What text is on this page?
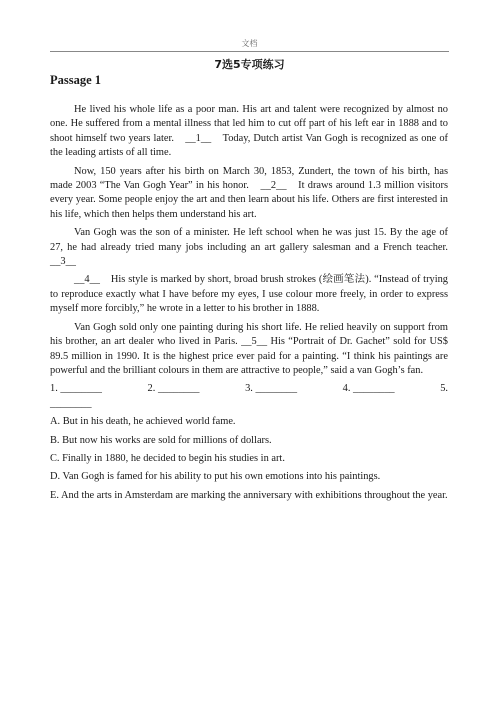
文档
7选5专项练习
Passage 1

He lived his whole life as a poor man. His art and talent were recognized by almost no one. He suffered from a mental illness that led him to cut off part of his left ear in 1888 and to shoot himself two years later.　__1__　Today, Dutch artist Van Gogh is recognized as one of the leading artists of all time.

Now, 150 years after his birth on March 30, 1853, Zundert, the town of his birth, has made 2003 “The Van Gogh Year” in his honor.　__2__　It draws around 1.3 million visitors every year. Some people enjoy the art and then learn about his life. Others are first interested in his life, which then helps them understand his art.

Van Gogh was the son of a minister. He left school when he was just 15. By the age of 27, he had already tried many jobs including an art gallery salesman and a French teacher.　__3__

__4__　His style is marked by short, broad brush strokes (绘画笔法). “Instead of trying to reproduce exactly what I have before my eyes, I use colour more freely, in order to express myself more forcibly,” he wrote in a letter to his brother in 1888.

Van Gogh sold only one painting during his short life. He relied heavily on support from his brother, an art dealer who lived in Paris. __5__ His “Portrait of Dr. Gachet” sold for US$ 89.5 million in 1990. It is the highest price ever paid for a painting. “I think his paintings are powerful and the brilliant colours in them are attractive to people,” said a van Gogh’s fan.

1. ________	2. ________	3. ________	4. ________	5.

________

A. But in his death, he achieved world fame.

B. But now his works are sold for millions of dollars.

C. Finally in 1880, he decided to begin his studies in art.

D. Van Gogh is famed for his ability to put his own emotions into his paintings.

E. And the arts in Amsterdam are marking the anniversary with exhibitions throughout the year.
